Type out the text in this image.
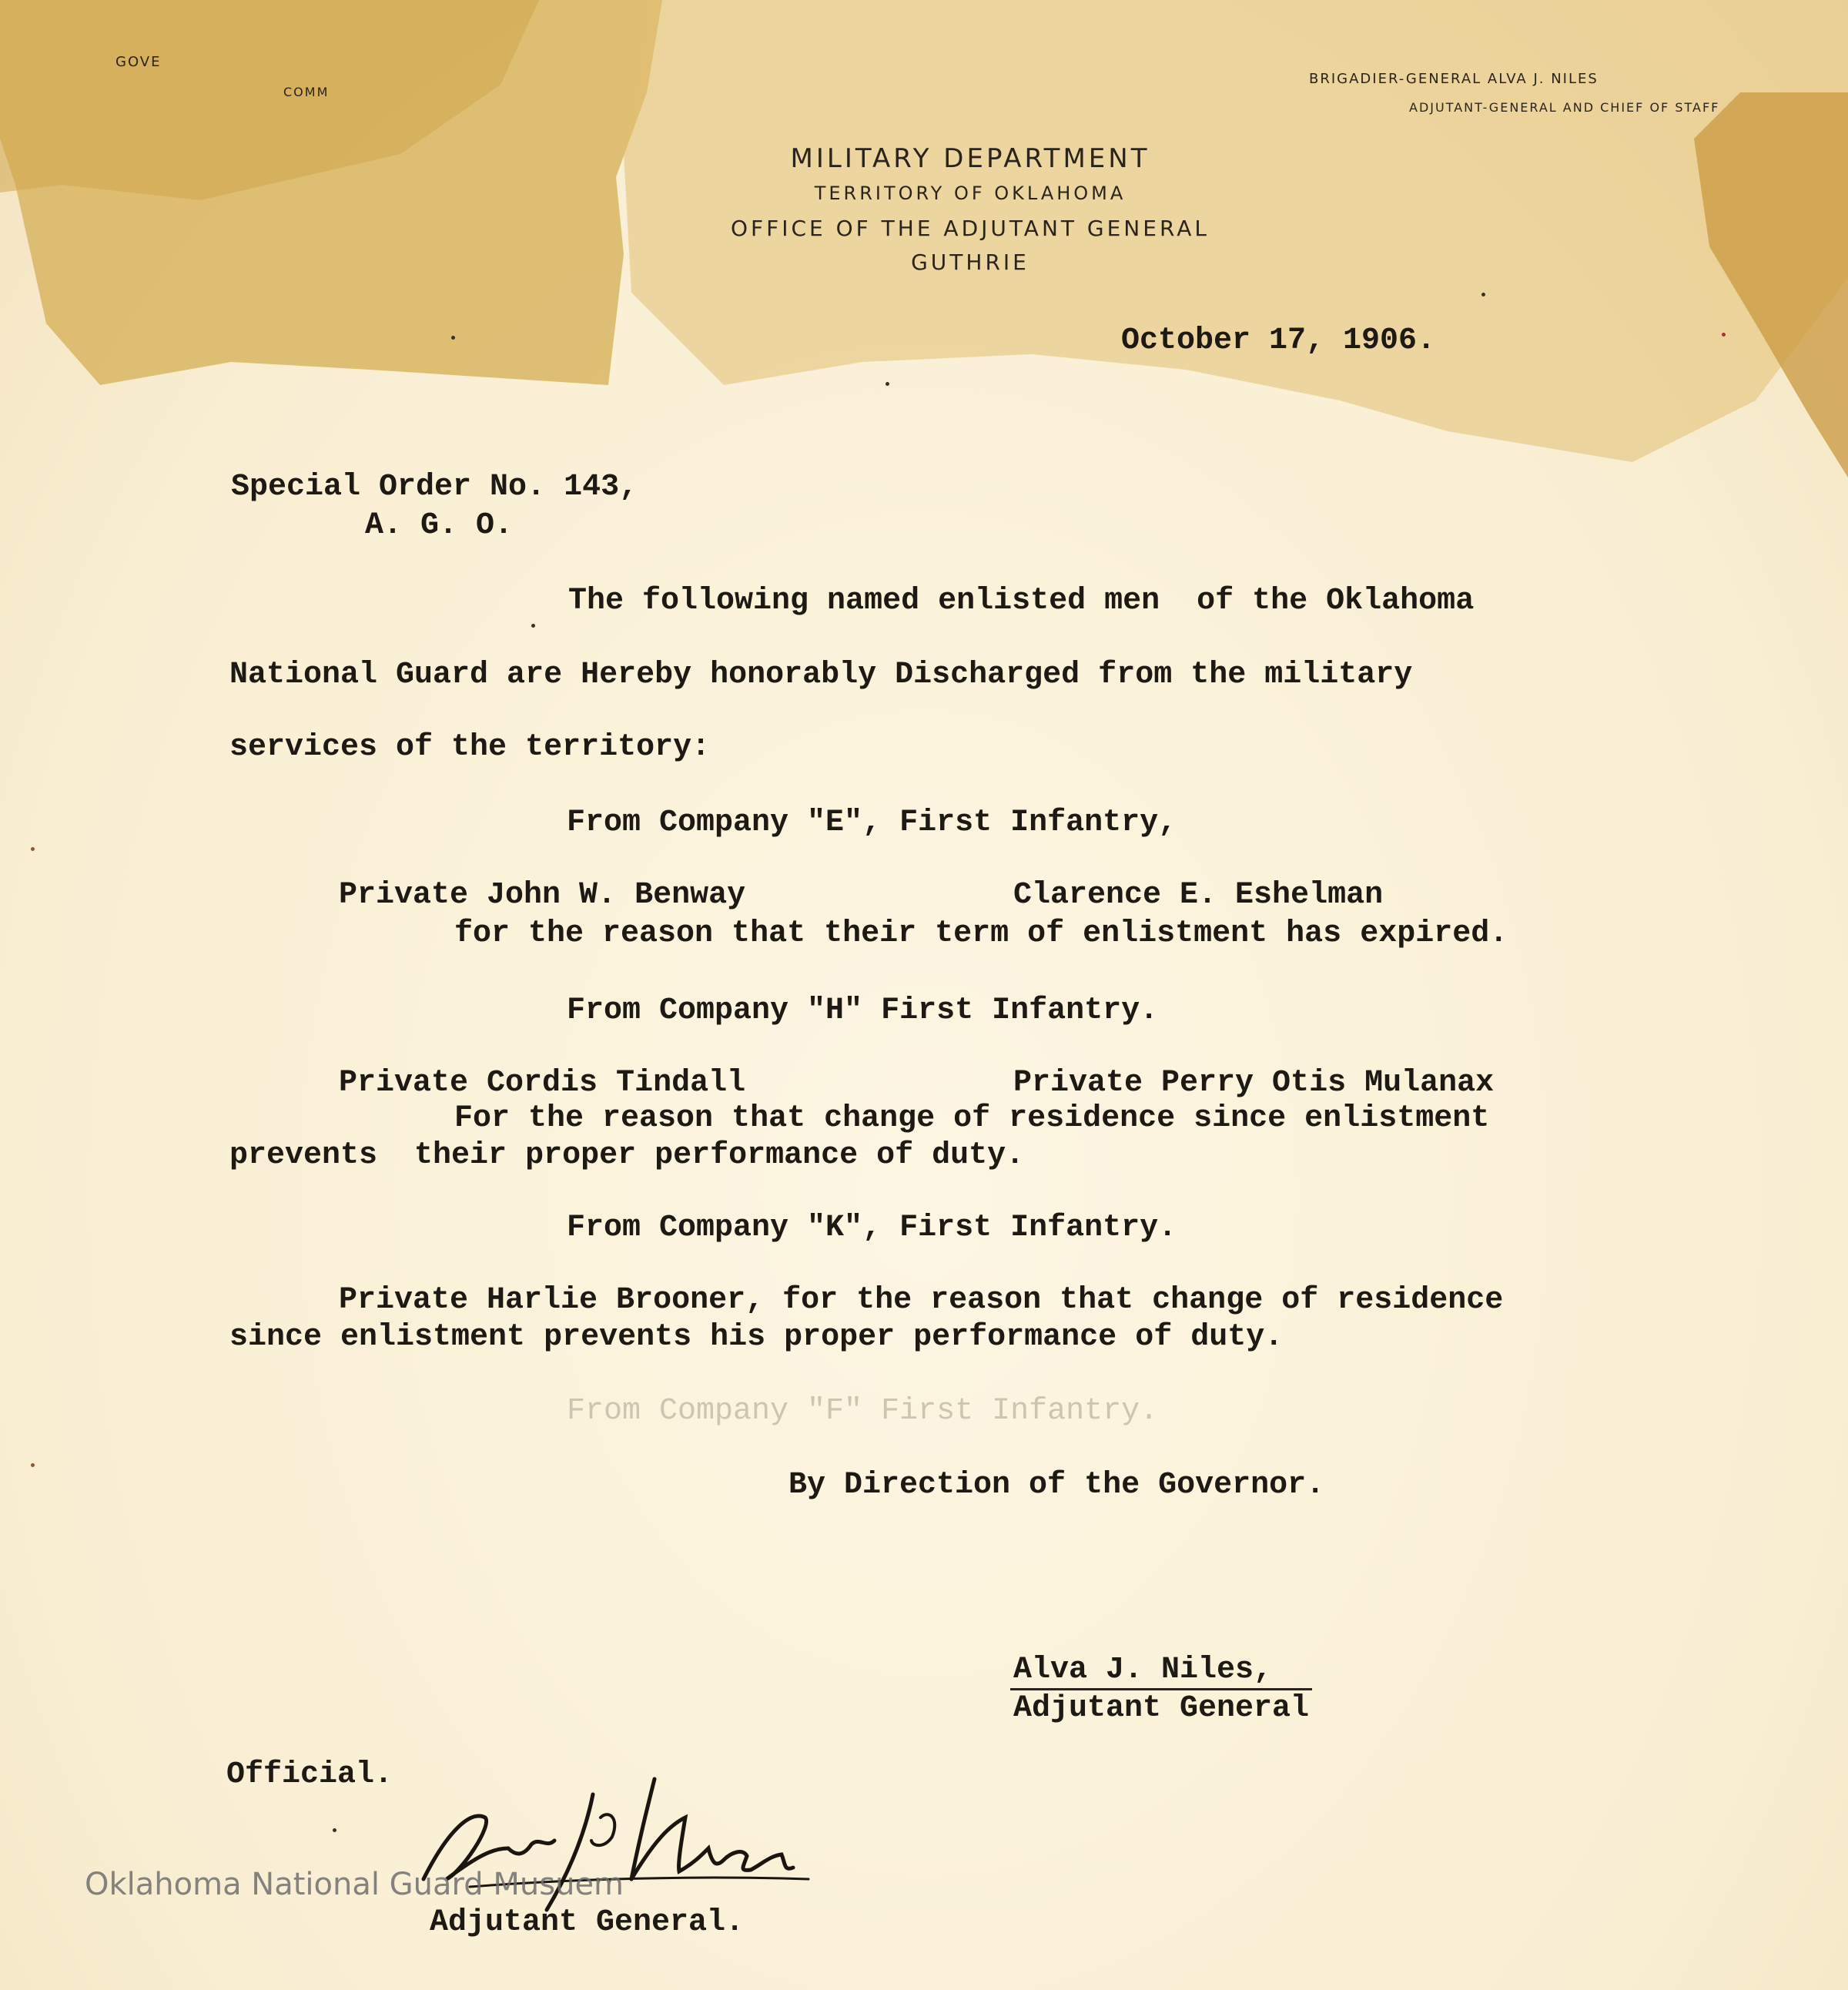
GOVE
COMM
BRIGADIER-GENERAL ALVA J. NILES
ADJUTANT-GENERAL AND CHIEF OF STAFF
MILITARY DEPARTMENT
TERRITORY OF OKLAHOMA
OFFICE OF THE ADJUTANT GENERAL
GUTHRIE
October 17, 1906.
Special Order No. 143,
A. G. O.
The following named enlisted men  of the Oklahoma
National Guard are Hereby honorably Discharged from the military
services of the territory:
From Company "E", First Infantry,
Private John W. Benway	Clarence E. Eshelman
for the reason that their term of enlistment has expired.
From Company "H" First Infantry.
Private Cordis Tindall	Private Perry Otis Mulanax
For the reason that change of residence since enlistment
prevents  their proper performance of duty.
From Company "K", First Infantry.
Private Harlie Brooner, for the reason that change of residence
since enlistment prevents his proper performance of duty.
From Company "F" First Infantry.
By Direction of the Governor.
Alva J. Niles,
Adjutant General
Official.
Adjutant General.
Oklahoma National Guard Musuem
